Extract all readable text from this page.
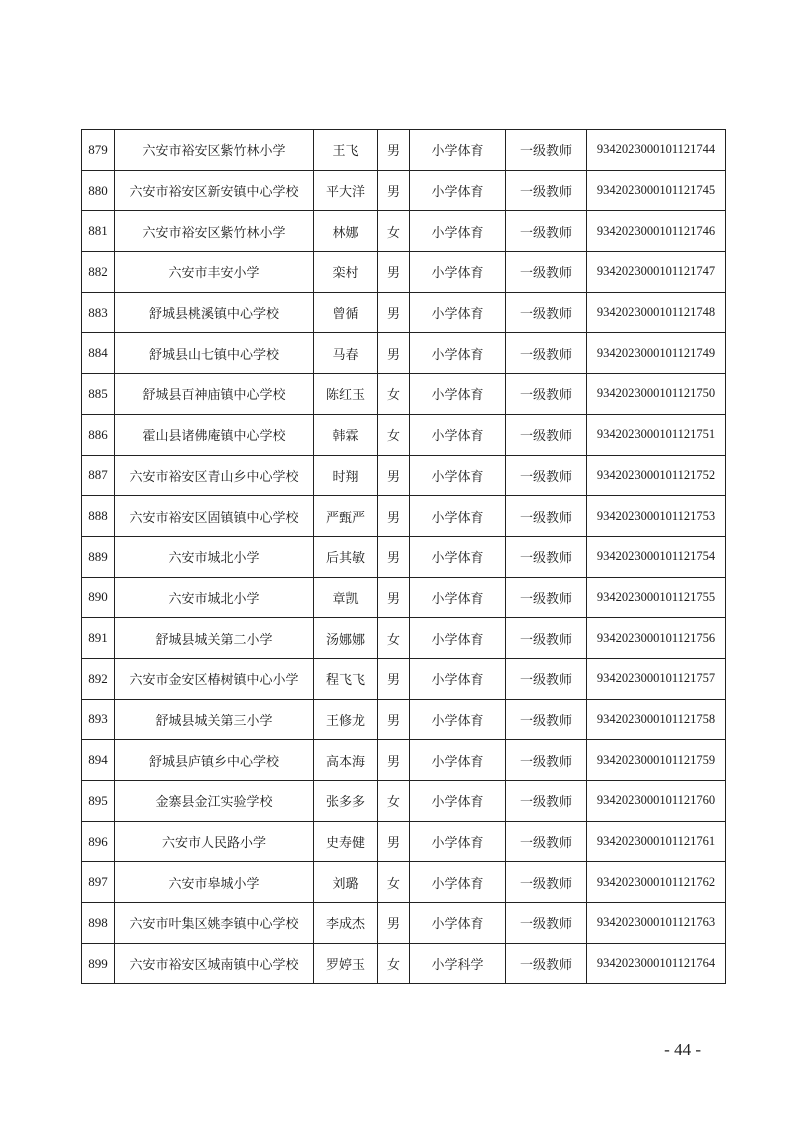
879	六安市裕安区紫竹林小学	王飞	男	小学体育	一级教师	9342023000101121744
880	六安市裕安区新安镇中心学校	平大洋	男	小学体育	一级教师	9342023000101121745
881	六安市裕安区紫竹林小学	林娜	女	小学体育	一级教师	9342023000101121746
882	六安市丰安小学	栾村	男	小学体育	一级教师	9342023000101121747
883	舒城县桃溪镇中心学校	曾循	男	小学体育	一级教师	9342023000101121748
884	舒城县山七镇中心学校	马春	男	小学体育	一级教师	9342023000101121749
885	舒城县百神庙镇中心学校	陈红玉	女	小学体育	一级教师	9342023000101121750
886	霍山县诸佛庵镇中心学校	韩霖	女	小学体育	一级教师	9342023000101121751
887	六安市裕安区青山乡中心学校	时翔	男	小学体育	一级教师	9342023000101121752
888	六安市裕安区固镇镇中心学校	严甄严	男	小学体育	一级教师	9342023000101121753
889	六安市城北小学	后其敏	男	小学体育	一级教师	9342023000101121754
890	六安市城北小学	章凯	男	小学体育	一级教师	9342023000101121755
891	舒城县城关第二小学	汤娜娜	女	小学体育	一级教师	9342023000101121756
892	六安市金安区椿树镇中心小学	程飞飞	男	小学体育	一级教师	9342023000101121757
893	舒城县城关第三小学	王修龙	男	小学体育	一级教师	9342023000101121758
894	舒城县庐镇乡中心学校	高本海	男	小学体育	一级教师	9342023000101121759
895	金寨县金江实验学校	张多多	女	小学体育	一级教师	9342023000101121760
896	六安市人民路小学	史寿健	男	小学体育	一级教师	9342023000101121761
897	六安市皋城小学	刘璐	女	小学体育	一级教师	9342023000101121762
898	六安市叶集区姚李镇中心学校	李成杰	男	小学体育	一级教师	9342023000101121763
899	六安市裕安区城南镇中心学校	罗婷玉	女	小学科学	一级教师	9342023000101121764
- 44 -
